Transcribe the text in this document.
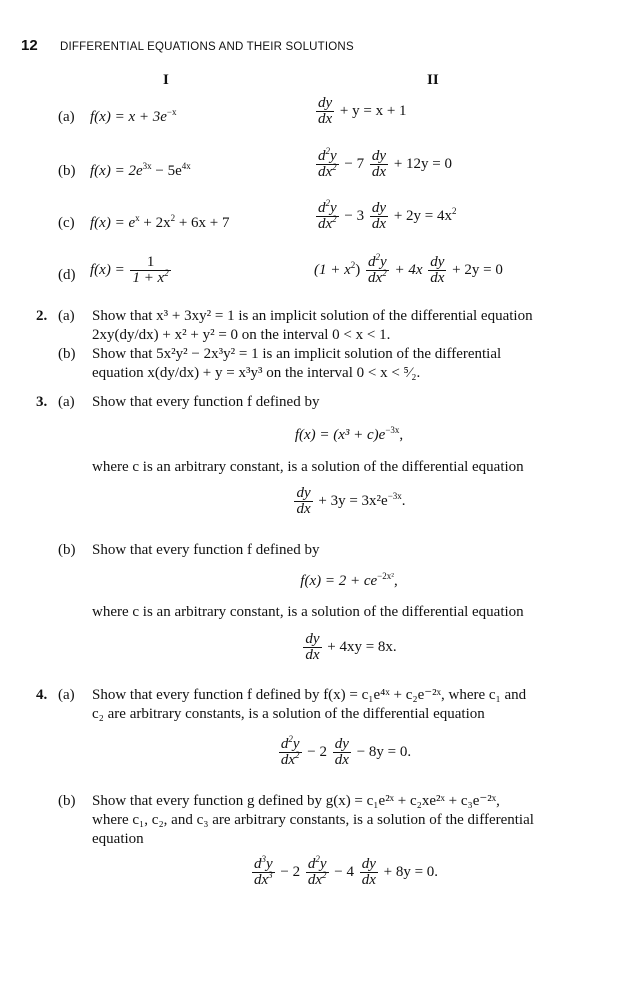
12 DIFFERENTIAL EQUATIONS AND THEIR SOLUTIONS
I	II
(a) $f(x) = x + 3e^{-x}$	$\frac{dy}{dx} + y = x + 1$
(b) $f(x) = 2e^{3x} - 5e^{4x}$	$\frac{d^2y}{dx^2} - 7 \frac{dy}{dx} + 12y = 0$
(c) $f(x) = e^x + 2x^2 + 6x + 7$	$\frac{d^2y}{dx^2} - 3 \frac{dy}{dx} + 2y = 4x^2$
(d) $f(x) = \frac{1}{1 + x^2}$	$(1 + x^2) \frac{d^2y}{dx^2} + 4x \frac{dy}{dx} + 2y = 0$
2. (a) Show that x³ + 3xy² = 1 is an implicit solution of the differential equation
2xy(dy/dx) + x² + y² = 0 on the interval 0 < x < 1.
(b) Show that 5x²y² − 2x³y² = 1 is an implicit solution of the differential
equation x(dy/dx) + y = x³y³ on the interval 0 < x < ⁵⁄₂.
3. (a) Show that every function f defined by
$f(x) = (x^3 + c)e^{-3x}$,
where c is an arbitrary constant, is a solution of the differential equation
$\frac{dy}{dx} + 3y = 3x^2e^{-3x}$.
(b) Show that every function f defined by
$f(x) = 2 + ce^{-2x^2}$,
where c is an arbitrary constant, is a solution of the differential equation
$\frac{dy}{dx} + 4xy = 8x$.
4. (a) Show that every function f defined by f(x) = c₁e⁴ˣ + c₂e⁻²ˣ, where c₁ and
c₂ are arbitrary constants, is a solution of the differential equation
$\frac{d^2y}{dx^2} - 2 \frac{dy}{dx} - 8y = 0$.
(b) Show that every function g defined by g(x) = c₁e²ˣ + c₂xe²ˣ + c₃e⁻²ˣ,
where c₁, c₂, and c₃ are arbitrary constants, is a solution of the differential
equation
$\frac{d^3y}{dx^3} - 2 \frac{d^2y}{dx^2} - 4 \frac{dy}{dx} + 8y = 0$.
